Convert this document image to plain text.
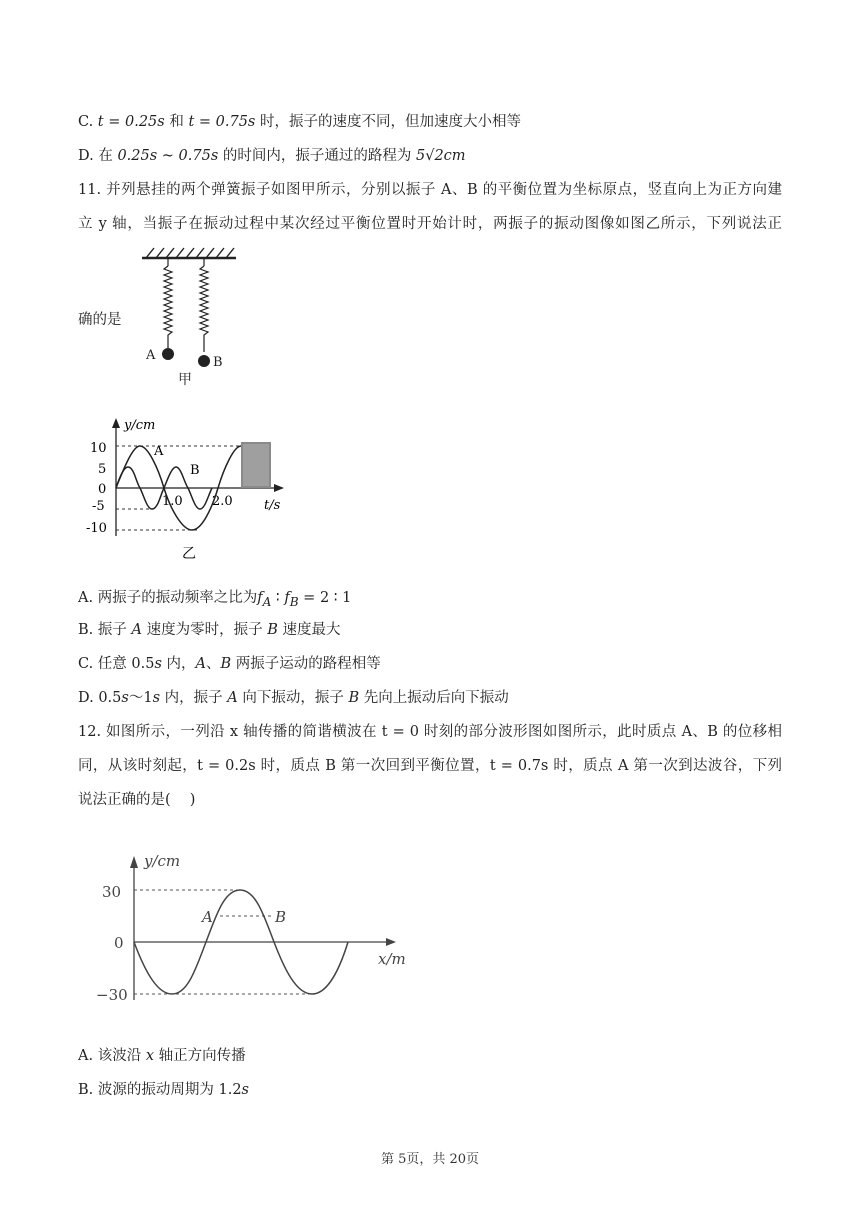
C. t = 0.25s 和 t = 0.75s 时，振子的速度不同，但加速度大小相等
D. 在 0.25s ~ 0.75s 的时间内，振子通过的路程为 5√2cm
11. 并列悬挂的两个弹簧振子如图甲所示，分别以振子 A、B 的平衡位置为坐标原点，竖直向上为正方向建
立 y 轴，当振子在振动过程中某次经过平衡位置时开始计时，两振子的振动图像如图乙所示，下列说法正
确的是
A	B
甲
y/cm
t/s
10
5
0
-5
-10
1.0 2.0
A
B
乙
A. 两振子的振动频率之比为$f_A$ ∶ $f_B = 2$ ∶ 1
B. 振子 A 速度为零时，振子 B 速度最大
C. 任意 0.5s 内，A、B 两振子运动的路程相等
D. 0.5s～1s 内，振子 A 向下振动，振子 B 先向上振动后向下振动
12. 如图所示，一列沿 x 轴传播的简谐横波在 t = 0 时刻的部分波形图如图所示，此时质点 A、B 的位移相
同，从该时刻起，t = 0.2s 时，质点 B 第一次回到平衡位置，t = 0.7s 时，质点 A 第一次到达波谷，下列
说法正确的是(　 )
y/cm
x/m
30
0
−30
A	B
A. 该波沿 x 轴正方向传播
B. 波源的振动周期为 1.2s
第 5页，共 20页
